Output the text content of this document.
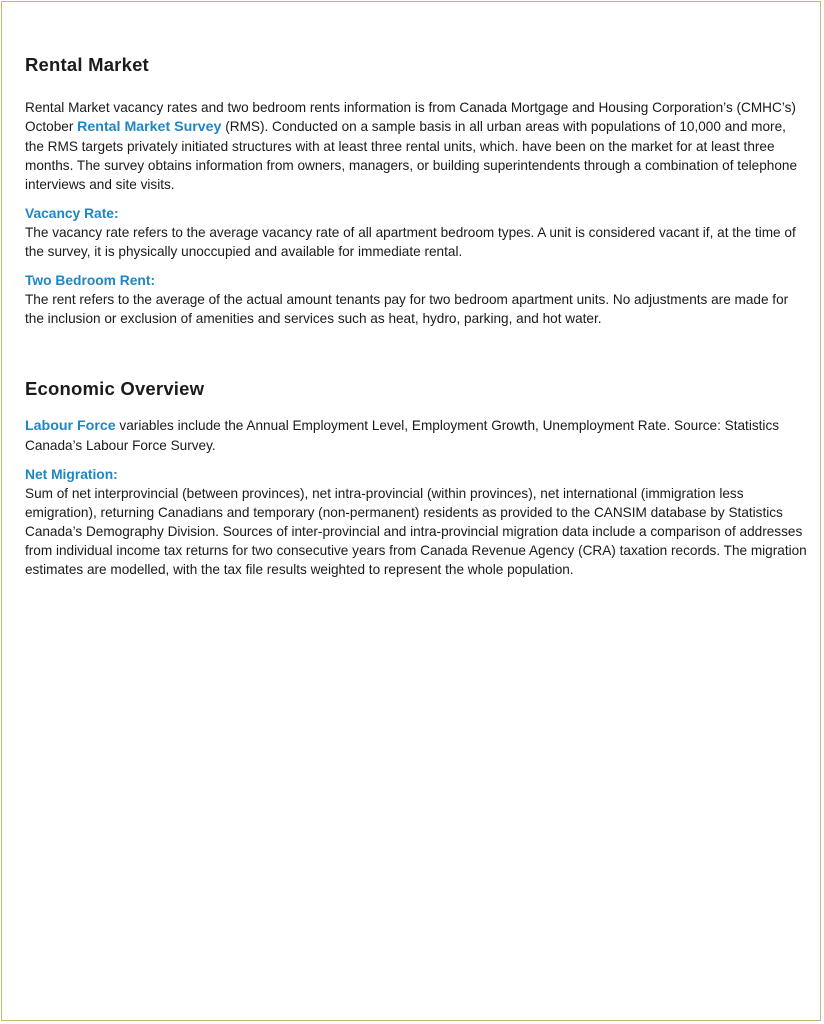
Rental Market

Rental Market vacancy rates and two bedroom rents information is from Canada Mortgage and Housing Corporation’s (CMHC’s) October Rental Market Survey (RMS). Conducted on a sample basis in all urban areas with populations of 10,000 and more, the RMS targets privately initiated structures with at least three rental units, which. have been on the market for at least three months. The survey obtains information from owners, managers, or building superintendents through a combination of telephone interviews and site visits.

Vacancy Rate:

The vacancy rate refers to the average vacancy rate of all apartment bedroom types. A unit is considered vacant if, at the time of the survey, it is physically unoccupied and available for immediate rental.

Two Bedroom Rent:

The rent refers to the average of the actual amount tenants pay for two bedroom apartment units. No adjustments are made for the inclusion or exclusion of amenities and services such as heat, hydro, parking, and hot water.

Economic Overview

Labour Force variables include the Annual Employment Level, Employment Growth, Unemployment Rate. Source: Statistics Canada’s Labour Force Survey.

Net Migration:

Sum of net interprovincial (between provinces), net intra-provincial (within provinces), net international (immigration less emigration), returning Canadians and temporary (non-permanent) residents as provided to the CANSIM database by Statistics Canada’s Demography Division. Sources of inter-provincial and intra-provincial migration data include a comparison of addresses from individual income tax returns for two consecutive years from Canada Revenue Agency (CRA) taxation records. The migration estimates are modelled, with the tax file results weighted to represent the whole population.
